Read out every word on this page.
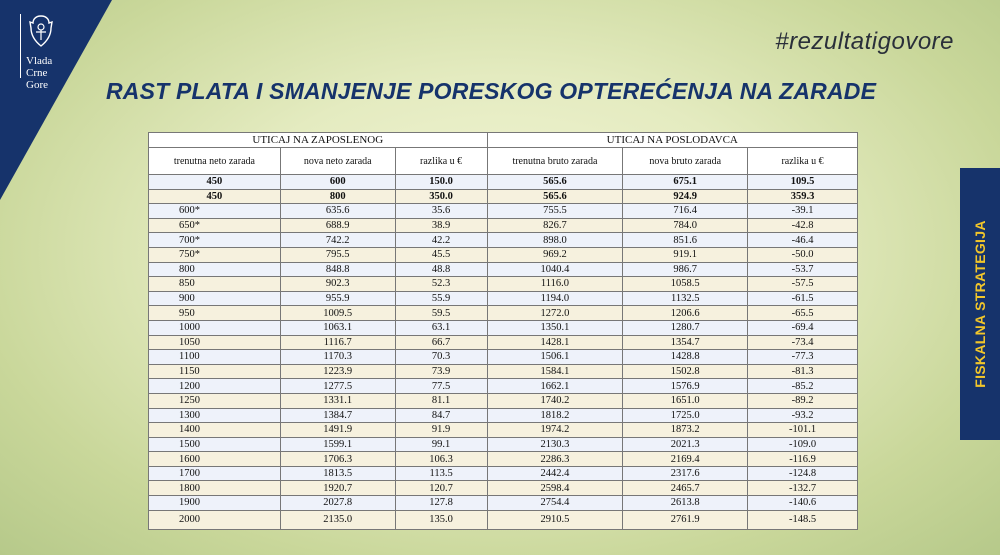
Vlada
Crne Gore
#rezultatigovore
RAST PLATA I SMANJENJE PORESKOG OPTEREĆENJA NA ZARADE
FISKALNA STRATEGIJA
UTICAJ NA ZAPOSLENOG			UTICAJ NA POSLODAVCA		
trenutna neto zarada	nova neto zarada	razlika u €	trenutna bruto zarada	nova bruto zarada	razlika u €
450	600	150.0	565.6	675.1	109.5
450	800	350.0	565.6	924.9	359.3
600*	635.6	35.6	755.5	716.4	-39.1
650*	688.9	38.9	826.7	784.0	-42.8
700*	742.2	42.2	898.0	851.6	-46.4
750*	795.5	45.5	969.2	919.1	-50.0
800	848.8	48.8	1040.4	986.7	-53.7
850	902.3	52.3	1116.0	1058.5	-57.5
900	955.9	55.9	1194.0	1132.5	-61.5
950	1009.5	59.5	1272.0	1206.6	-65.5
1000	1063.1	63.1	1350.1	1280.7	-69.4
1050	1116.7	66.7	1428.1	1354.7	-73.4
1100	1170.3	70.3	1506.1	1428.8	-77.3
1150	1223.9	73.9	1584.1	1502.8	-81.3
1200	1277.5	77.5	1662.1	1576.9	-85.2
1250	1331.1	81.1	1740.2	1651.0	-89.2
1300	1384.7	84.7	1818.2	1725.0	-93.2
1400	1491.9	91.9	1974.2	1873.2	-101.1
1500	1599.1	99.1	2130.3	2021.3	-109.0
1600	1706.3	106.3	2286.3	2169.4	-116.9
1700	1813.5	113.5	2442.4	2317.6	-124.8
1800	1920.7	120.7	2598.4	2465.7	-132.7
1900	2027.8	127.8	2754.4	2613.8	-140.6
2000	2135.0	135.0	2910.5	2761.9	-148.5
